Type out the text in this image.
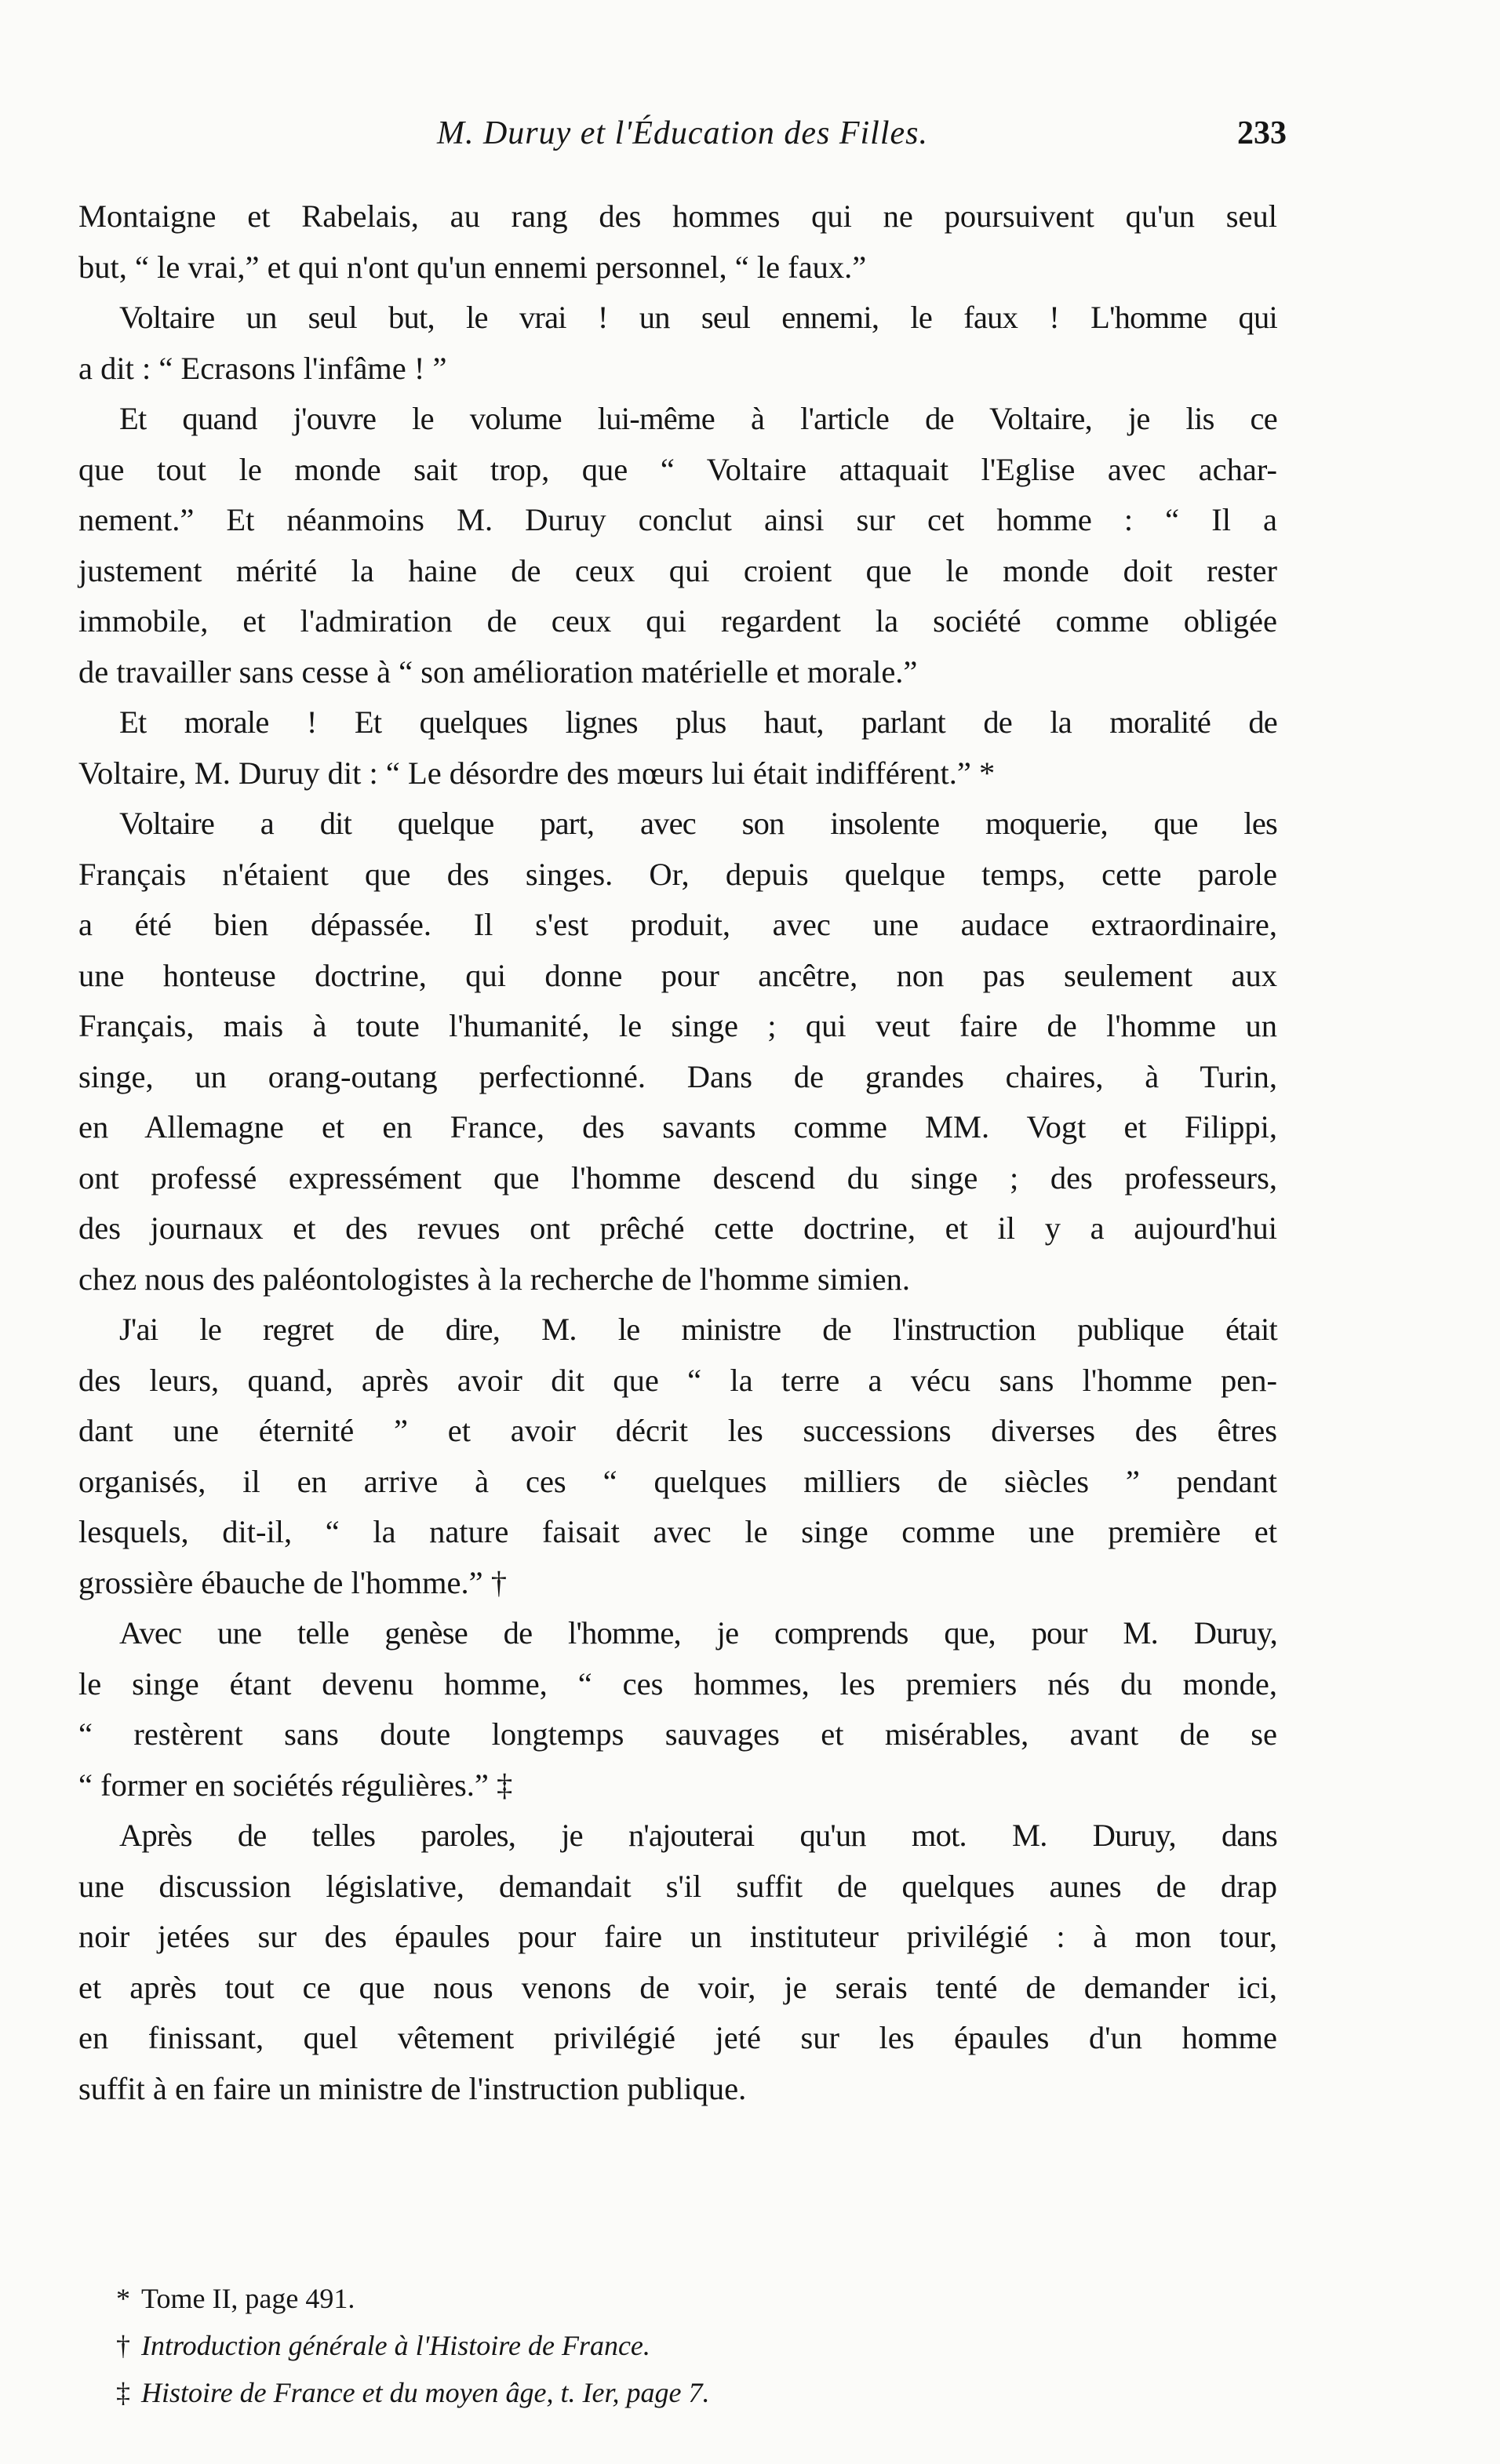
M. Duruy et l'Éducation des Filles.	233

Montaigne et Rabelais, au rang des hommes qui ne poursuivent qu'un seul
but, “ le vrai,” et qui n'ont qu'un ennemi personnel, “ le faux.”

Voltaire un seul but, le vrai ! un seul ennemi, le faux ! L'homme qui
a dit : “ Ecrasons l'infâme ! ”

Et quand j'ouvre le volume lui-même à l'article de Voltaire, je lis ce
que tout le monde sait trop, que “ Voltaire attaquait l'Eglise avec achar-
nement.” Et néanmoins M. Duruy conclut ainsi sur cet homme : “ Il a
justement mérité la haine de ceux qui croient que le monde doit rester
immobile, et l'admiration de ceux qui regardent la société comme obligée
de travailler sans cesse à “ son amélioration matérielle et morale.”

Et morale ! Et quelques lignes plus haut, parlant de la moralité de
Voltaire, M. Duruy dit : “ Le désordre des mœurs lui était indifférent.” *

Voltaire a dit quelque part, avec son insolente moquerie, que les
Français n'étaient que des singes. Or, depuis quelque temps, cette parole
a été bien dépassée. Il s'est produit, avec une audace extraordinaire,
une honteuse doctrine, qui donne pour ancêtre, non pas seulement aux
Français, mais à toute l'humanité, le singe ; qui veut faire de l'homme un
singe, un orang-outang perfectionné. Dans de grandes chaires, à Turin,
en Allemagne et en France, des savants comme MM. Vogt et Filippi,
ont professé expressément que l'homme descend du singe ; des professeurs,
des journaux et des revues ont prêché cette doctrine, et il y a aujourd'hui
chez nous des paléontologistes à la recherche de l'homme simien.

J'ai le regret de dire, M. le ministre de l'instruction publique était
des leurs, quand, après avoir dit que “ la terre a vécu sans l'homme pen-
dant une éternité ” et avoir décrit les successions diverses des êtres
organisés, il en arrive à ces “ quelques milliers de siècles ” pendant
lesquels, dit-il, “ la nature faisait avec le singe comme une première et
grossière ébauche de l'homme.” †

Avec une telle genèse de l'homme, je comprends que, pour M. Duruy,
le singe étant devenu homme, “ ces hommes, les premiers nés du monde,
“ restèrent sans doute longtemps sauvages et misérables, avant de se
“ former en sociétés régulières.” ‡

Après de telles paroles, je n'ajouterai qu'un mot. M. Duruy, dans
une discussion législative, demandait s'il suffit de quelques aunes de drap
noir jetées sur des épaules pour faire un instituteur privilégié : à mon tour,
et après tout ce que nous venons de voir, je serais tenté de demander ici,
en finissant, quel vêtement privilégié jeté sur les épaules d'un homme
suffit à en faire un ministre de l'instruction publique.

* Tome II, page 491.

† Introduction générale à l'Histoire de France.

‡ Histoire de France et du moyen âge, t. Ier, page 7.
